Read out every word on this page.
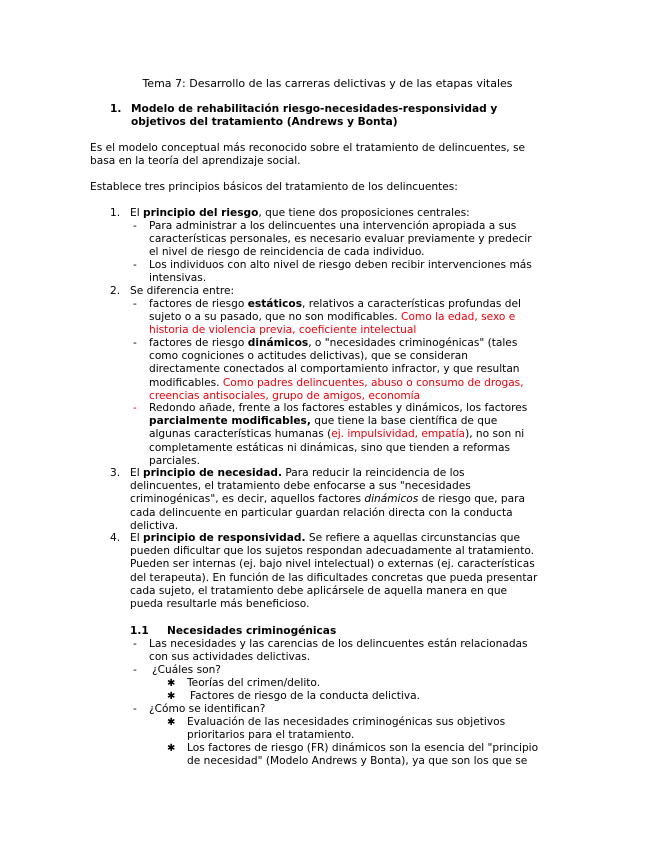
Tema 7: Desarrollo de las carreras delictivas y de las etapas vitales
1. Modelo de rehabilitación riesgo-necesidades-responsividad y
objetivos del tratamiento (Andrews y Bonta)
Es el modelo conceptual más reconocido sobre el tratamiento de delincuentes, se
basa en la teoría del aprendizaje social.
Establece tres principios básicos del tratamiento de los delincuentes:
1. El principio del riesgo, que tiene dos proposiciones centrales:
- Para administrar a los delincuentes una intervención apropiada a sus
características personales, es necesario evaluar previamente y predecir
el nivel de riesgo de reincidencia de cada individuo.
- Los individuos con alto nivel de riesgo deben recibir intervenciones más
intensivas.
2. Se diferencia entre:
- factores de riesgo estáticos, relativos a características profundas del
sujeto o a su pasado, que no son modificables. Como la edad, sexo e
historia de violencia previa, coeficiente intelectual
- factores de riesgo dinámicos, o "necesidades criminogénicas" (tales
como cogniciones o actitudes delictivas), que se consideran
directamente conectados al comportamiento infractor, y que resultan
modificables. Como padres delincuentes, abuso o consumo de drogas,
creencias antisociales, grupo de amigos, economía
- Redondo añade, frente a los factores estables y dinámicos, los factores
parcialmente modificables, que tiene la base científica de que
algunas características humanas (ej. impulsividad, empatía), no son ni
completamente estáticas ni dinámicas, sino que tienden a reformas
parciales.
3. El principio de necesidad. Para reducir la reincidencia de los
delincuentes, el tratamiento debe enfocarse a sus "necesidades
criminogénicas", es decir, aquellos factores dinámicos de riesgo que, para
cada delincuente en particular guardan relación directa con la conducta
delictiva.
4. El principio de responsividad. Se refiere a aquellas circunstancias que
pueden dificultar que los sujetos respondan adecuadamente al tratamiento.
Pueden ser internas (ej. bajo nivel intelectual) o externas (ej. características
del terapeuta). En función de las dificultades concretas que pueda presentar
cada sujeto, el tratamiento debe aplicársele de aquella manera en que
pueda resultarle más beneficioso.
1.1 Necesidades criminogénicas
- Las necesidades y las carencias de los delincuentes están relacionadas
con sus actividades delictivas.
- ¿Cuáles son?
✱ Teorías del crimen/delito.
✱ Factores de riesgo de la conducta delictiva.
- ¿Cómo se identifican?
✱ Evaluación de las necesidades criminogénicas sus objetivos
prioritarios para el tratamiento.
✱ Los factores de riesgo (FR) dinámicos son la esencia del "principio
de necesidad" (Modelo Andrews y Bonta), ya que son los que se
